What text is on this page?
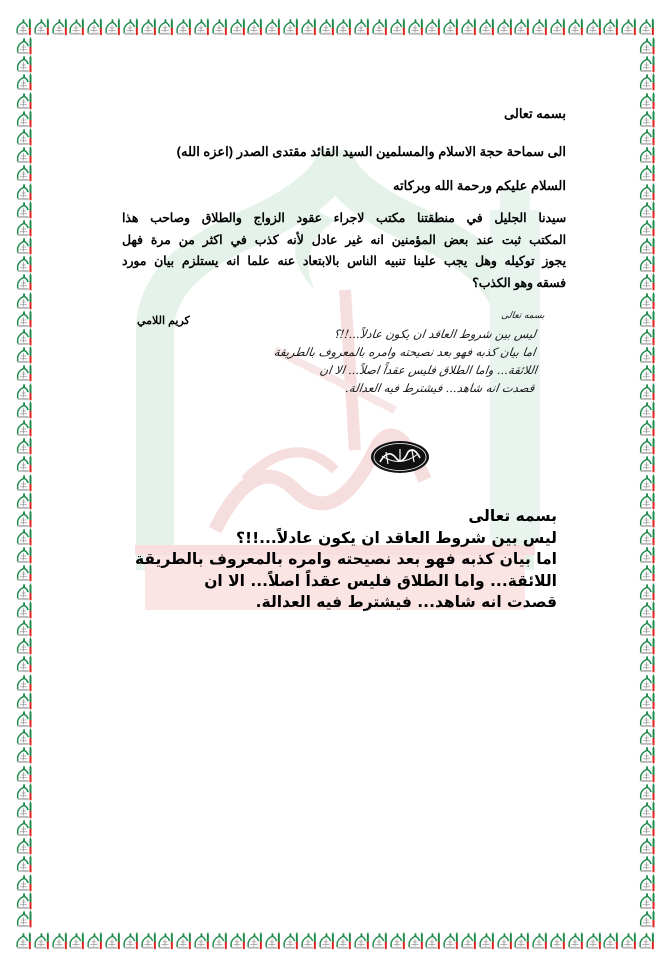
بسمه تعالى
الى سماحة حجة الاسلام والمسلمين السيد القائد مقتدى الصدر (اعزه الله)
السلام عليكم ورحمة الله وبركاته
سيدنا الجليل في منطقتنا مكتب لاجراء عقود الزواج والطلاق وصاحب هذا
المكتب ثبت عند بعض المؤمنين انه غير عادل لأنه كذب في اكثر من مرة فهل
يجوز توكيله وهل يجب علينا تنبيه الناس بالابتعاد عنه علما انه يستلزم بيان مورد
فسقه وهو الكذب؟
كريم اللامي	بسمه تعالى
ليس بين شروط العاقد ان يكون عادلاً...!!؟
اما بيان كذبه فهو بعد نصيحته وامره بالمعروف بالطريقة
اللائقة... واما الطلاق فليس عقداً اصلاً... الا ان
قصدت انه شاهد... فيشترط فيه العدالة.
بسمه تعالى
ليس بين شروط العاقد ان يكون عادلاً...!!؟
اما بيان كذبه فهو بعد نصيحته وامره بالمعروف بالطريقة
اللائقة... واما الطلاق فليس عقداً اصلاً... الا ان
قصدت انه شاهد... فيشترط فيه العدالة.
